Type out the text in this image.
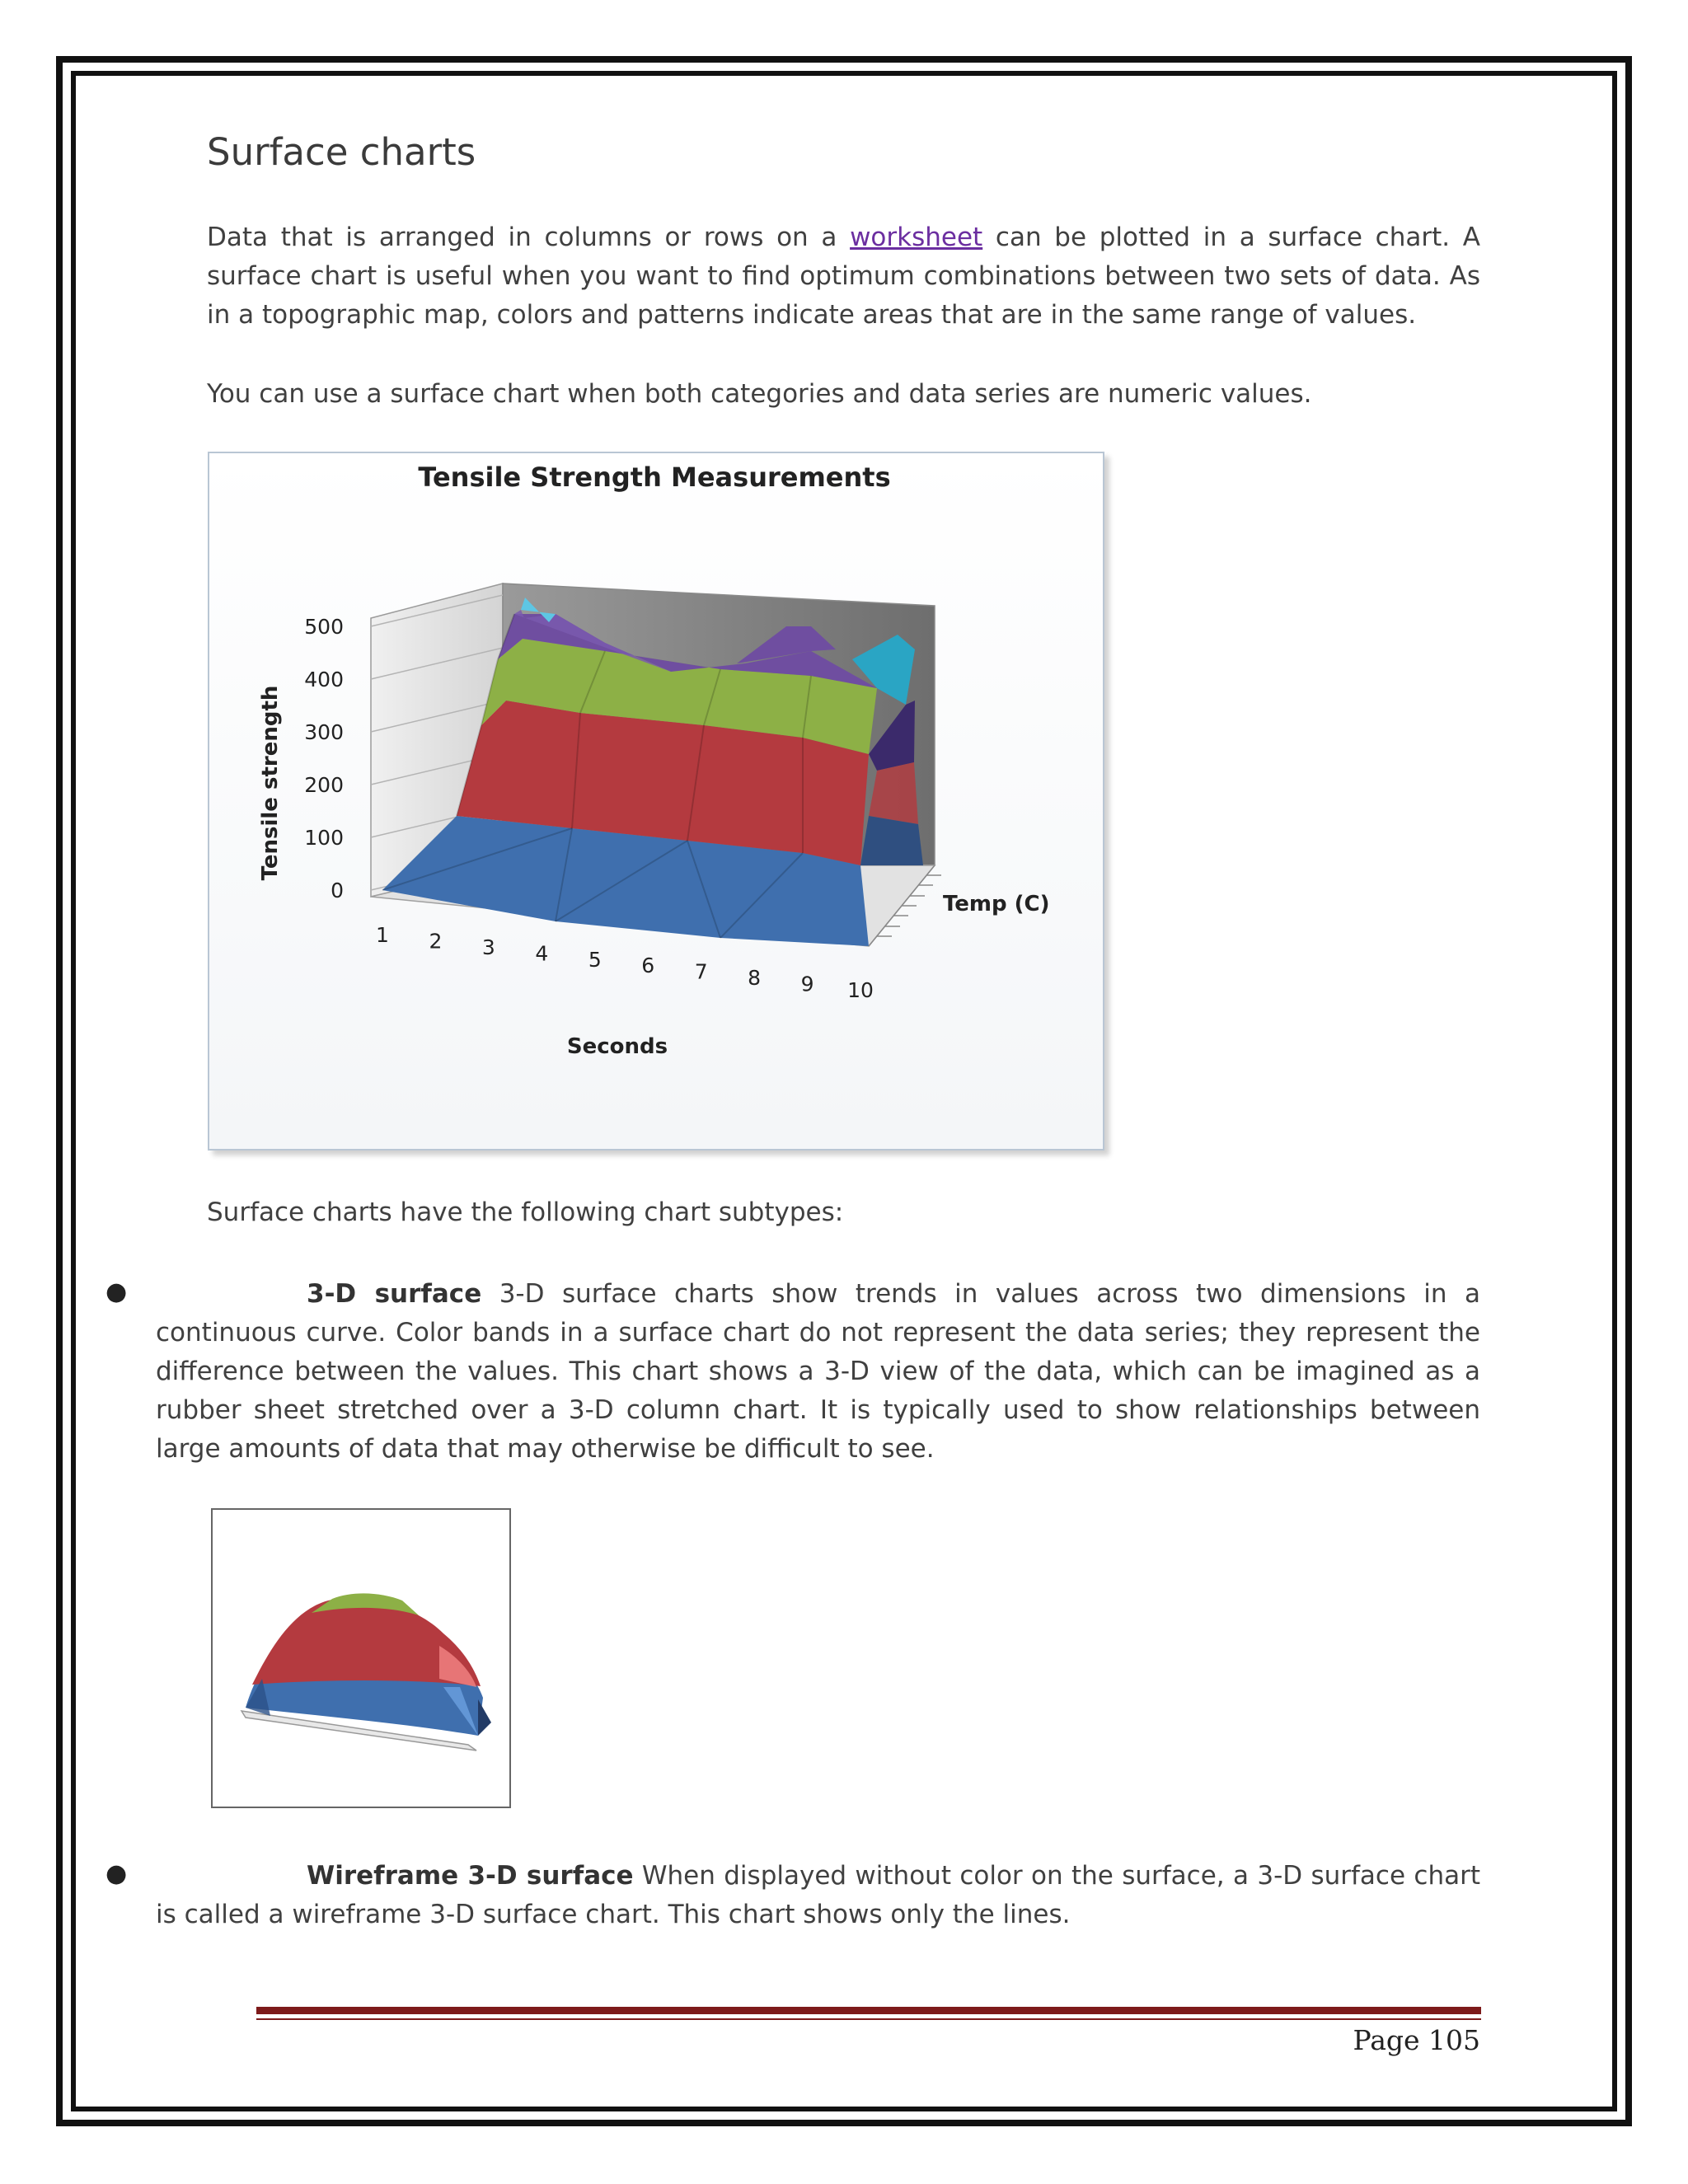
Surface charts

Data that is arranged in columns or rows on a worksheet can be plotted in a surface chart. A surface chart is useful when you want to find optimum combinations between two sets of data. As in a topographic map, colors and patterns indicate areas that are in the same range of values.

You can use a surface chart when both categories and data series are numeric values.

Tensile Strength Measurements
0
100
200
300
400
500
1 2 3 4 5 6 7 8 9 10
Tensile strength
Seconds
Temp (C)

Surface charts have the following chart subtypes:

●	3-D surface 3-D surface charts show trends in values across two dimensions in a continuous curve. Color bands in a surface chart do not represent the data series; they represent the difference between the values. This chart shows a 3-D view of the data, which can be imagined as a rubber sheet stretched over a 3-D column chart. It is typically used to show relationships between large amounts of data that may otherwise be difficult to see.

●	Wireframe 3-D surface When displayed without color on the surface, a 3-D surface chart is called a wireframe 3-D surface chart. This chart shows only the lines.

Page 105
